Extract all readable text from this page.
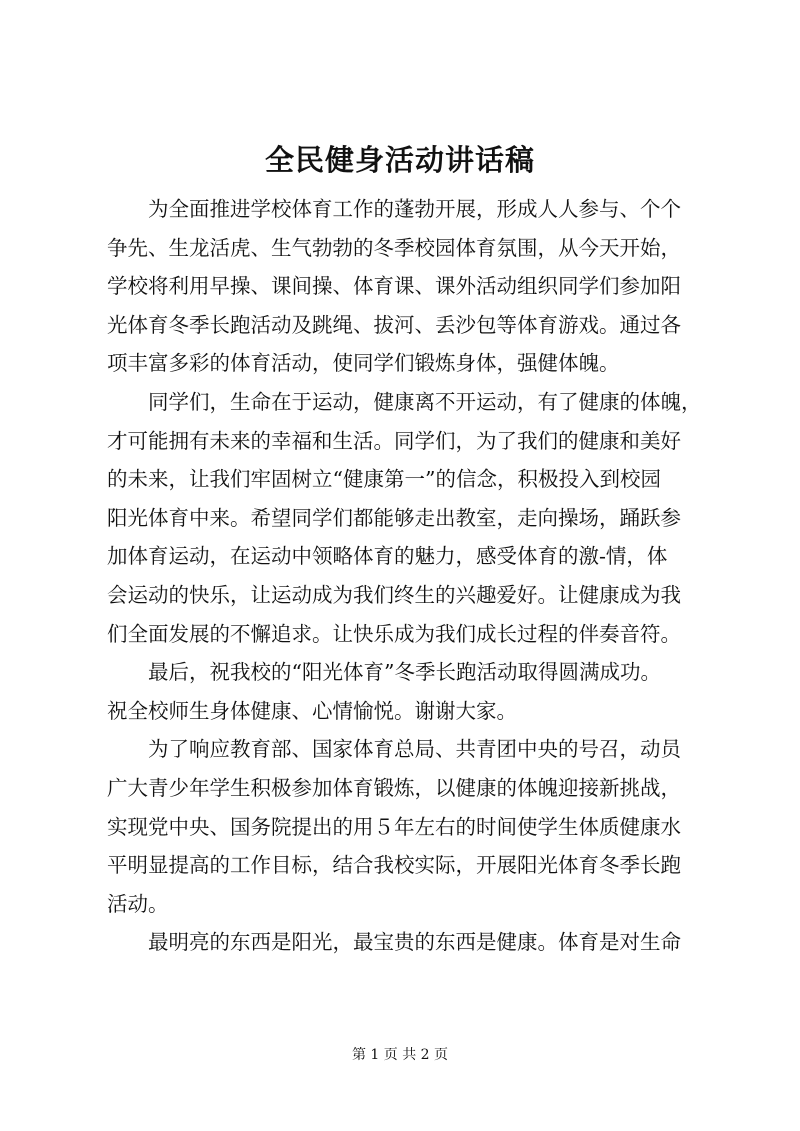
全民健身活动讲话稿
为全面推进学校体育工作的蓬勃开展，形成人人参与、个个
争先、生龙活虎、生气勃勃的冬季校园体育氛围，从今天开始，
学校将利用早操、课间操、体育课、课外活动组织同学们参加阳
光体育冬季长跑活动及跳绳、拔河、丢沙包等体育游戏。通过各
项丰富多彩的体育活动，使同学们锻炼身体，强健体魄。
同学们，生命在于运动，健康离不开运动，有了健康的体魄，
才可能拥有未来的幸福和生活。同学们，为了我们的健康和美好
的未来，让我们牢固树立“健康第一”的信念，积极投入到校园
阳光体育中来。希望同学们都能够走出教室，走向操场，踊跃参
加体育运动，在运动中领略体育的魅力，感受体育的激-情，体
会运动的快乐，让运动成为我们终生的兴趣爱好。让健康成为我
们全面发展的不懈追求。让快乐成为我们成长过程的伴奏音符。
最后，祝我校的“阳光体育”冬季长跑活动取得圆满成功。
祝全校师生身体健康、心情愉悦。谢谢大家。
为了响应教育部、国家体育总局、共青团中央的号召，动员
广大青少年学生积极参加体育锻炼，以健康的体魄迎接新挑战，
实现党中央、国务院提出的用５年左右的时间使学生体质健康水
平明显提高的工作目标，结合我校实际，开展阳光体育冬季长跑
活动。
最明亮的东西是阳光，最宝贵的东西是健康。体育是对生命
第 1 页 共 2 页
